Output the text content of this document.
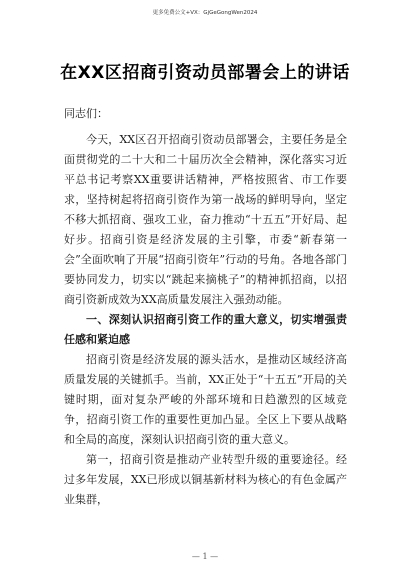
更多免费公文+VX：GjGeGongWen2024
在XX区招商引资动员部署会上的讲话

同志们：

今天，XX区召开招商引资动员部署会，主要任务是全面贯彻党的二十大和二十届历次全会精神，深化落实习近平总书记考察XX重要讲话精神，严格按照省、市工作要求，坚持树起将招商引资作为第一战场的鲜明导向，坚定不移大抓招商、强攻工业，奋力推动“十五五”开好局、起好步。招商引资是经济发展的主引擎，市委“新春第一会”全面吹响了开展“招商引资年”行动的号角。各地各部门要协同发力，切实以“跳起来摘桃子”的精神抓招商，以招商引资新成效为XX高质量发展注入强劲动能。

一、深刻认识招商引资工作的重大意义，切实增强责任感和紧迫感

招商引资是经济发展的源头活水，是推动区域经济高质量发展的关键抓手。当前，XX正处于“十五五”开局的关键时期，面对复杂严峻的外部环境和日趋激烈的区域竞争，招商引资工作的重要性更加凸显。全区上下要从战略和全局的高度，深刻认识招商引资的重大意义。

第一，招商引资是推动产业转型升级的重要途径。经过多年发展，XX已形成以铜基新材料为核心的有色金属产业集群，

— 1 —
